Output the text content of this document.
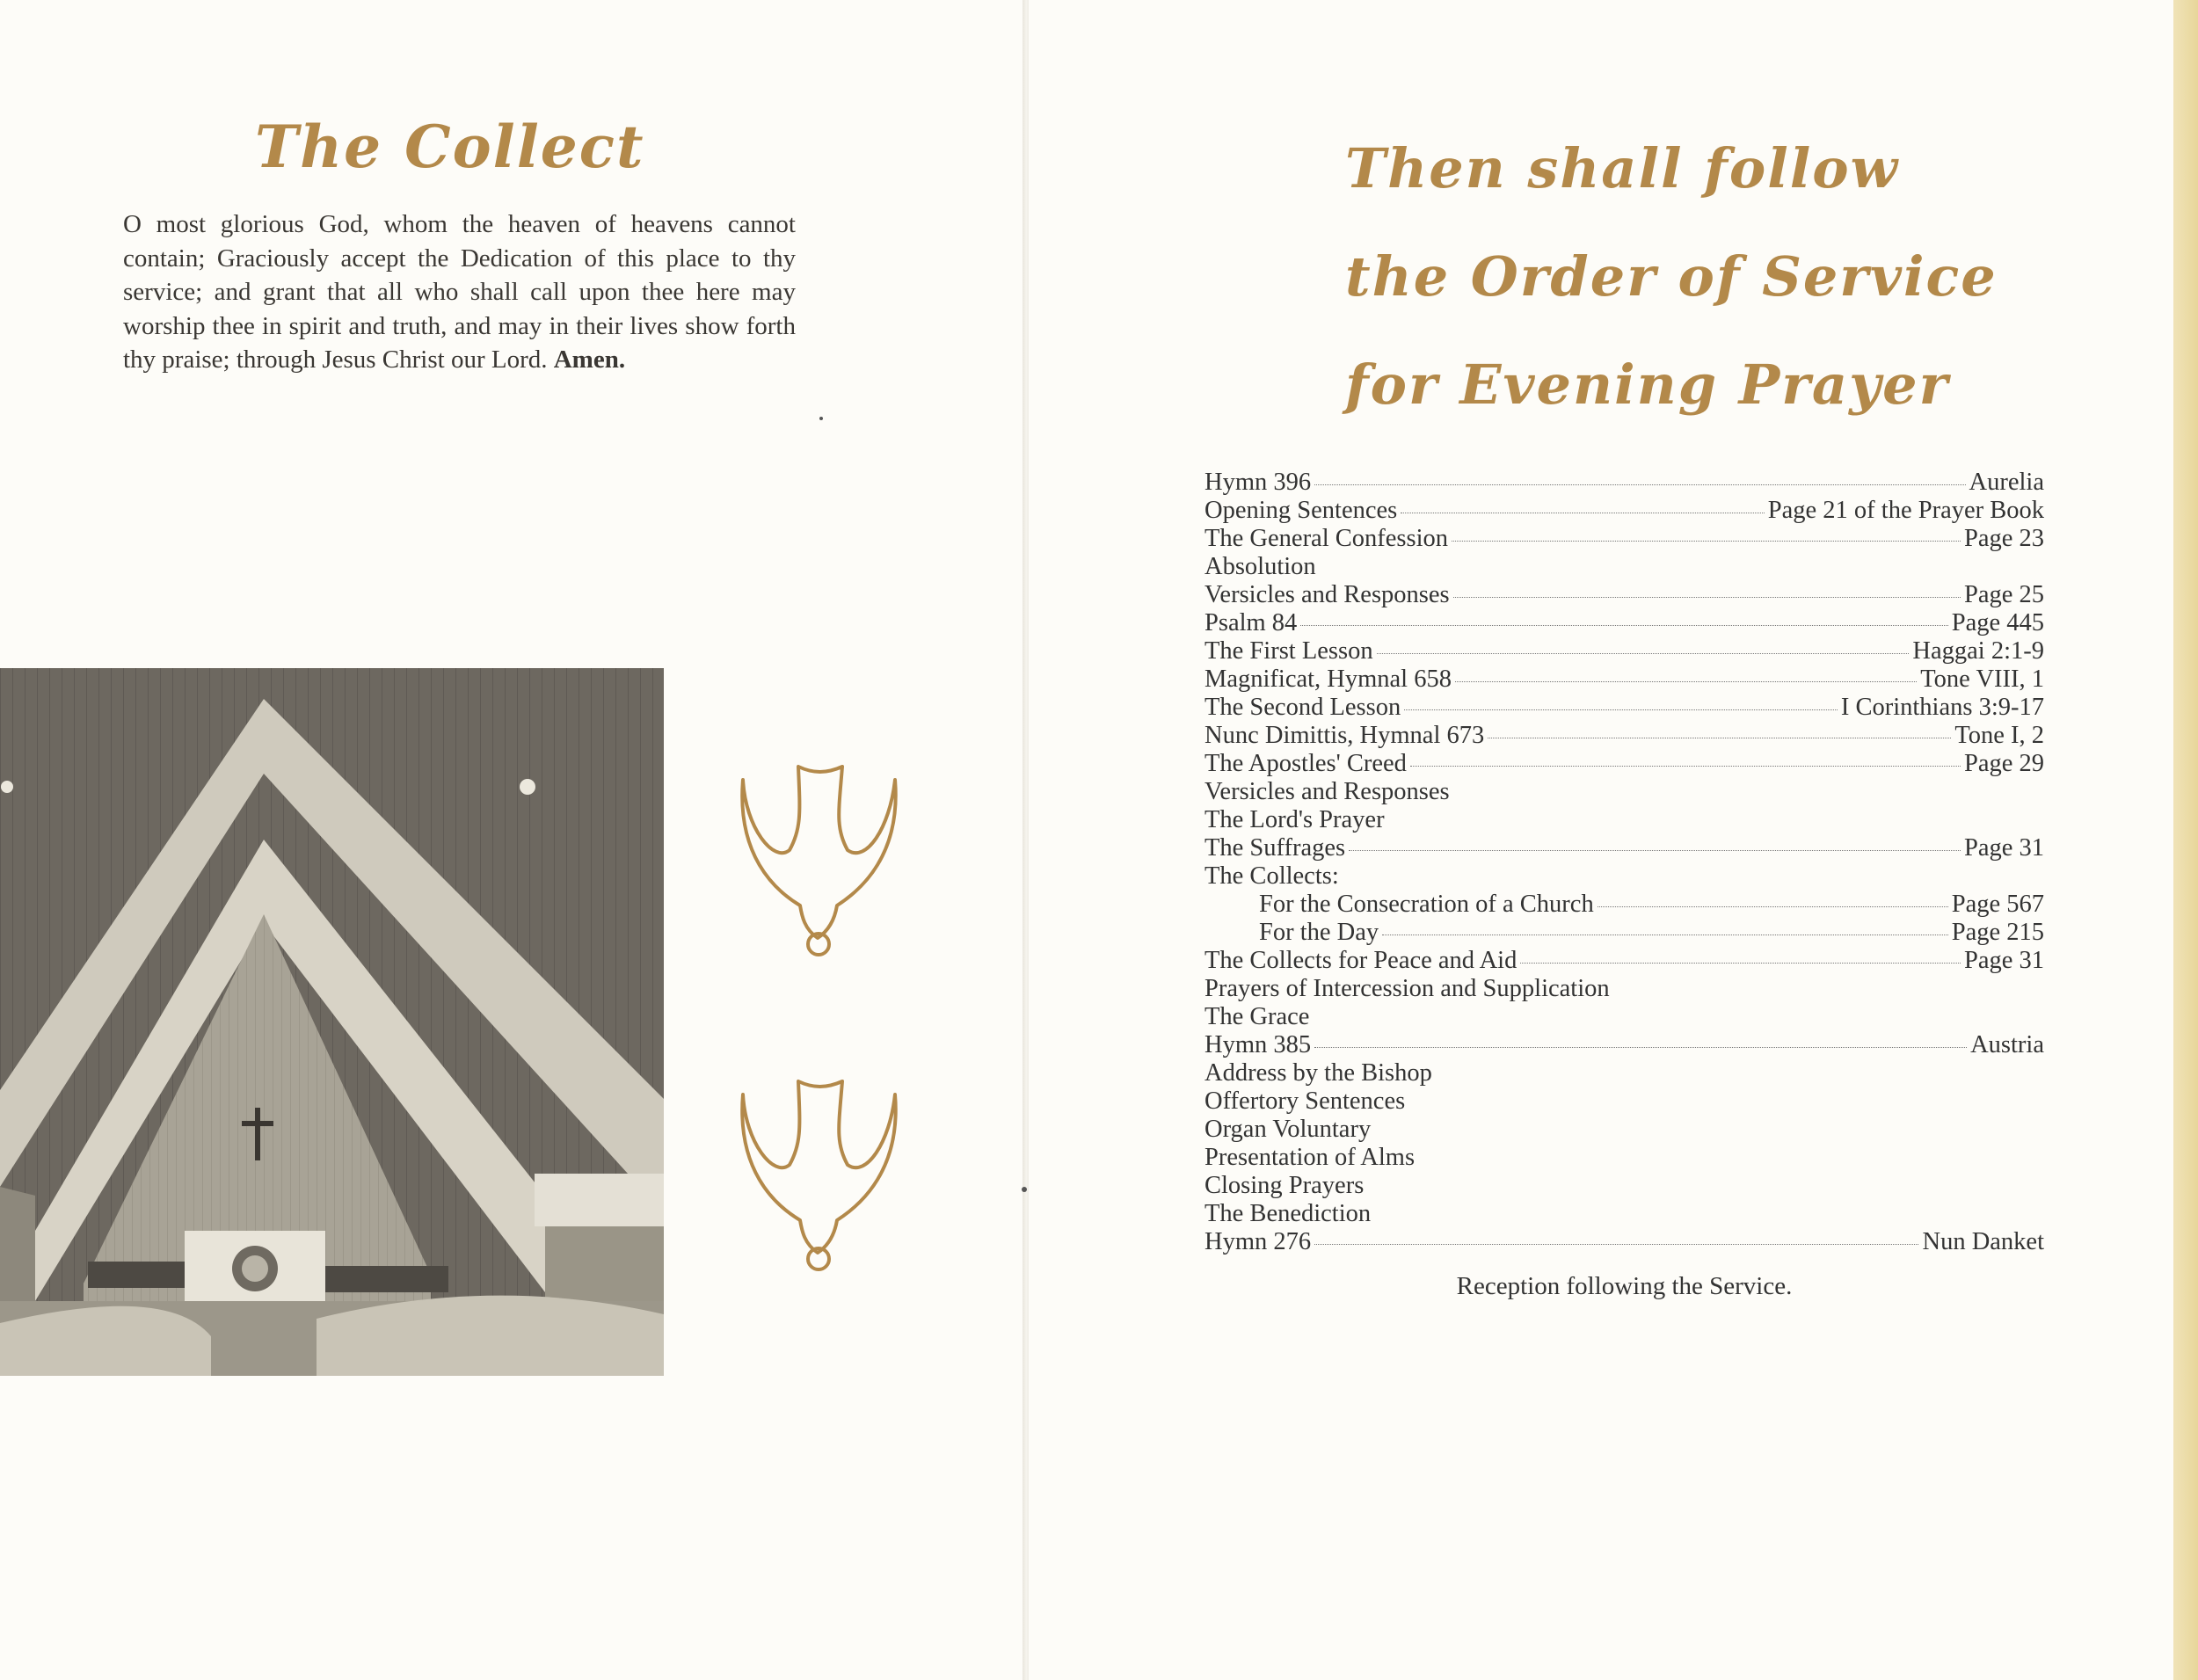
The Collect
O most glorious God, whom the heaven of heavens cannot contain; Graciously accept the Dedication of this place to thy service; and grant that all who shall call upon thee here may worship thee in spirit and truth, and may in their lives show forth thy praise; through Jesus Christ our Lord. Amen.
Then shall follow
the Order of Service
for Evening Prayer
Hymn 396	Aurelia
Opening Sentences	Page 21 of the Prayer Book
The General Confession	Page 23
Absolution
Versicles and Responses	Page 25
Psalm 84	Page 445
The First Lesson	Haggai 2:1-9
Magnificat, Hymnal 658	Tone VIII, 1
The Second Lesson	I Corinthians 3:9-17
Nunc Dimittis, Hymnal 673	Tone I, 2
The Apostles' Creed	Page 29
Versicles and Responses
The Lord's Prayer
The Suffrages	Page 31
The Collects:
For the Consecration of a Church	Page 567
For the Day	Page 215
The Collects for Peace and Aid	Page 31
Prayers of Intercession and Supplication
The Grace
Hymn 385	Austria
Address by the Bishop
Offertory Sentences
Organ Voluntary
Presentation of Alms
Closing Prayers
The Benediction
Hymn 276	Nun Danket
Reception following the Service.
